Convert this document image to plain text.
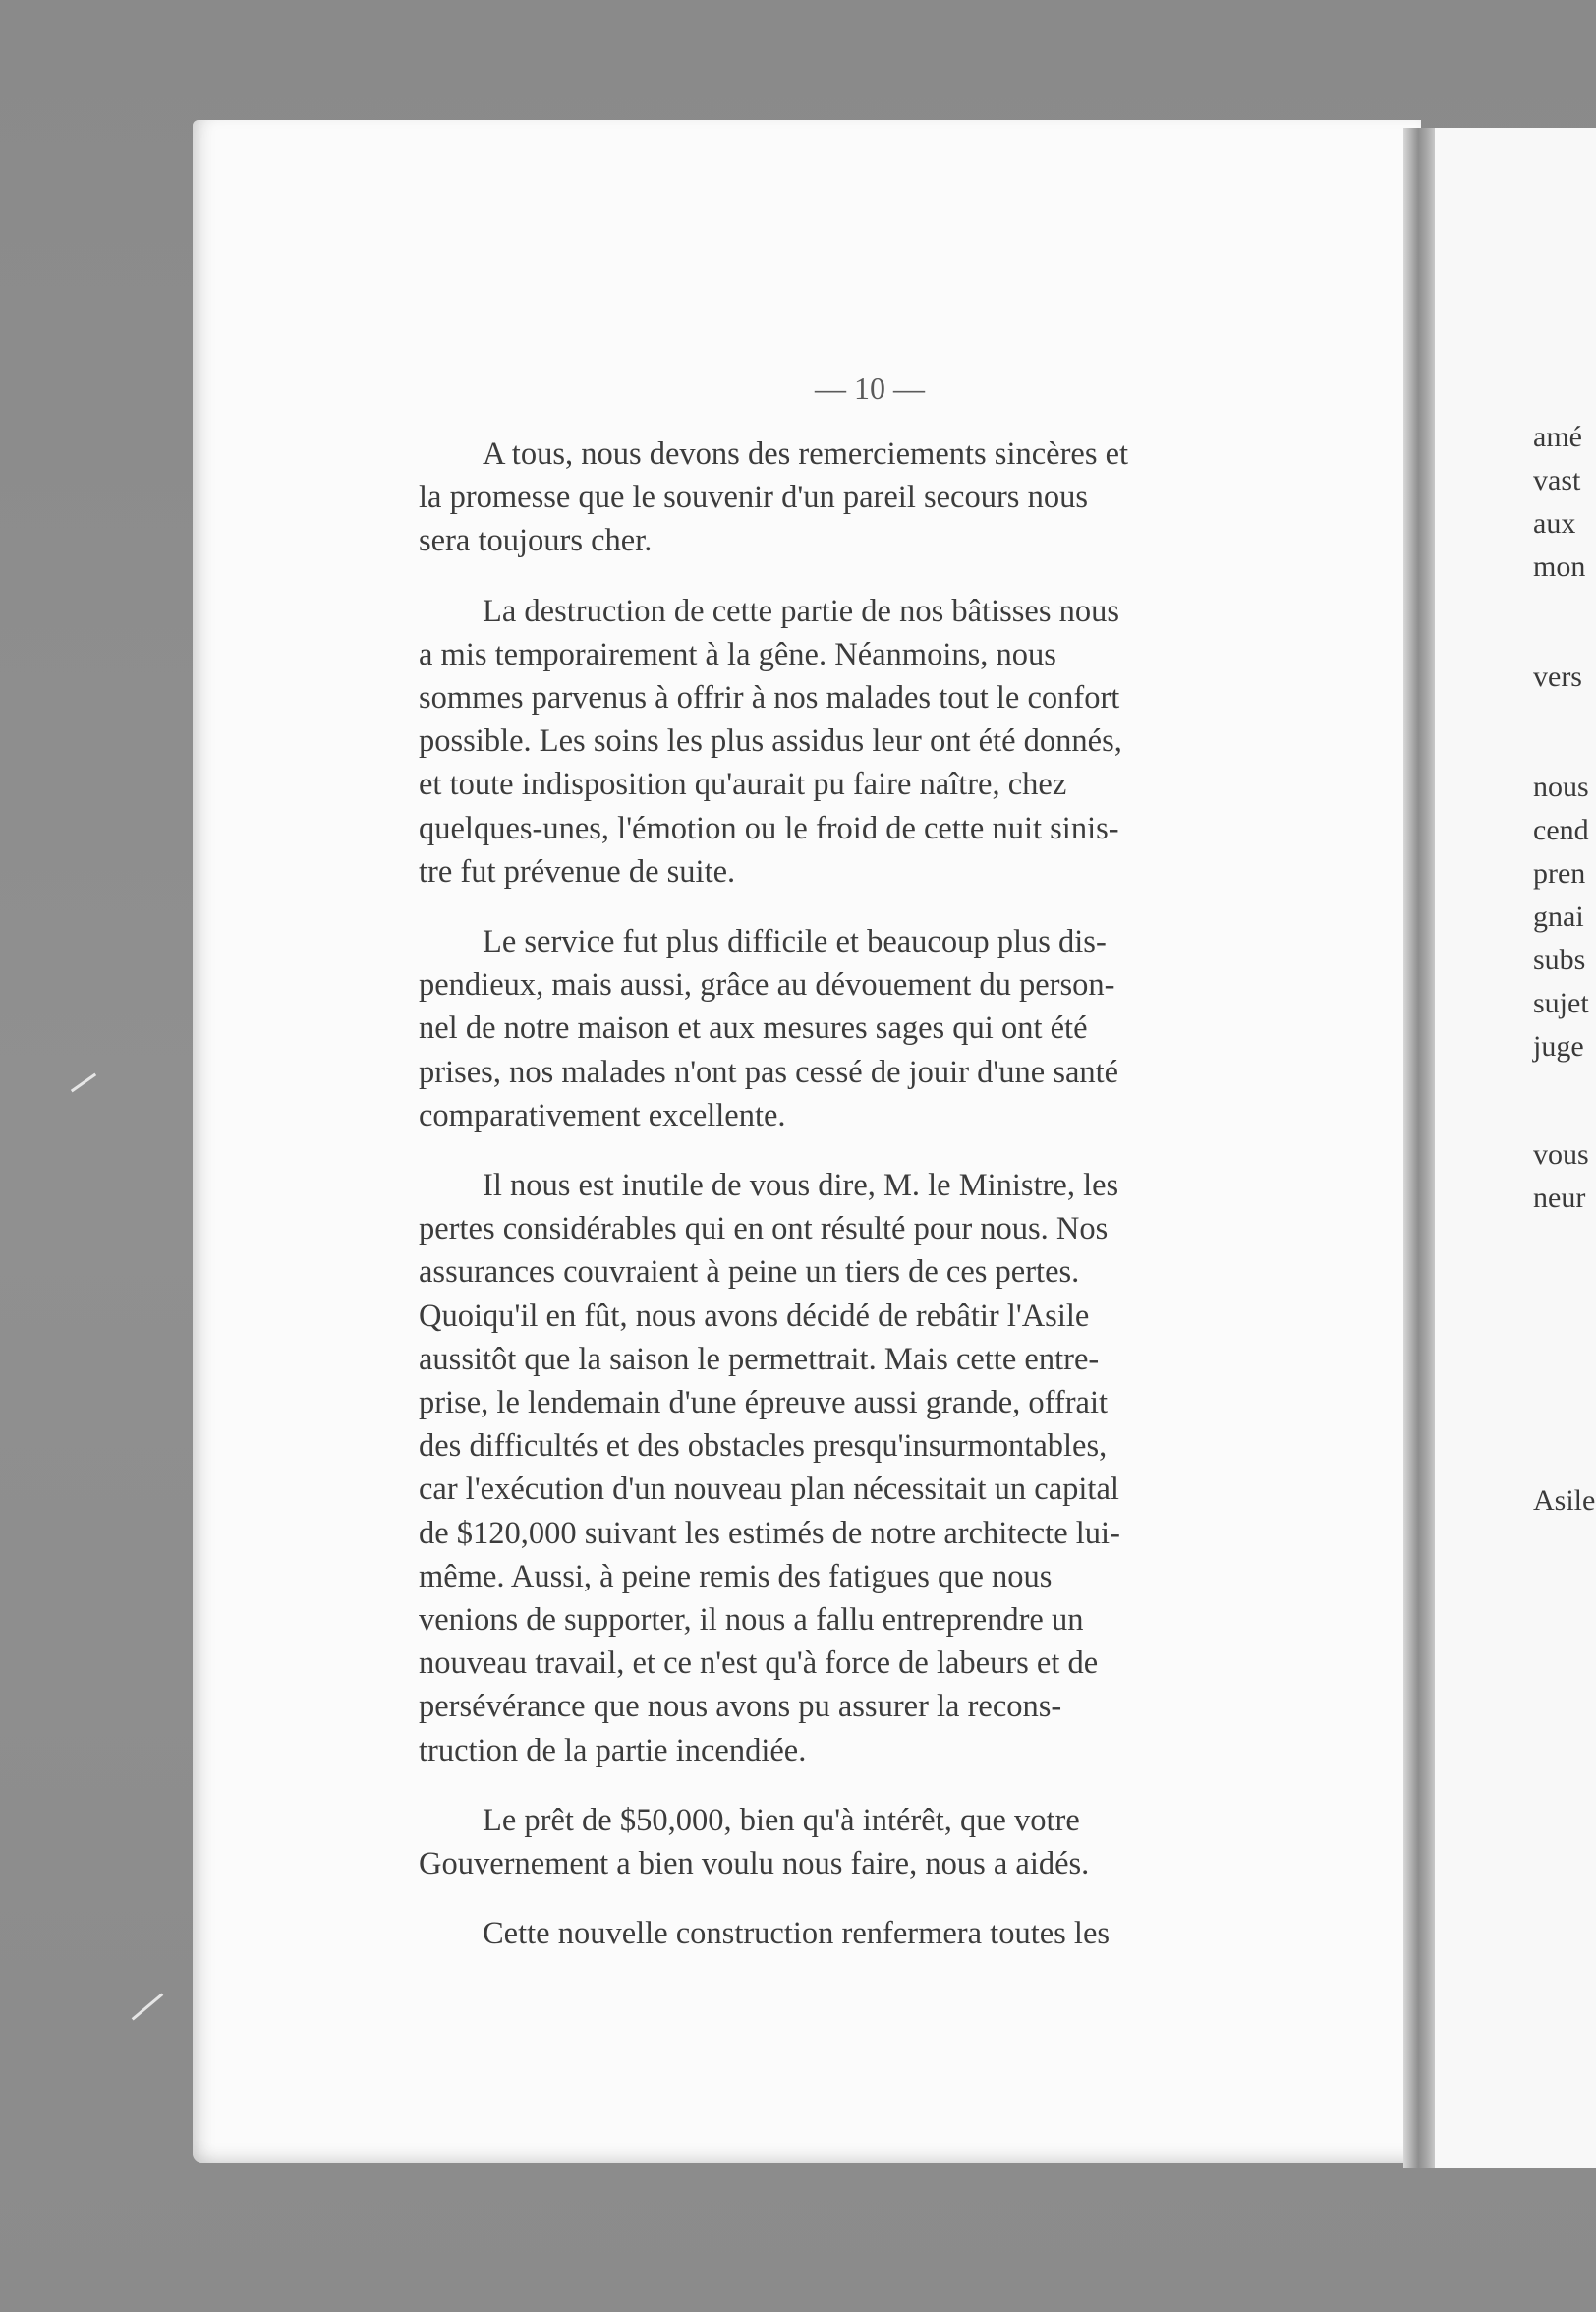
— 10 —

  A tous, nous devons des remerciements sincères et
la promesse que le souvenir d'un pareil secours nous
sera toujours cher.

  La destruction de cette partie de nos bâtisses nous
a mis temporairement à la gêne. Néanmoins, nous
sommes parvenus à offrir à nos malades tout le confort
possible. Les soins les plus assidus leur ont été donnés,
et toute indisposition qu'aurait pu faire naître, chez
quelques-unes, l'émotion ou le froid de cette nuit sinis-
tre fut prévenue de suite.

  Le service fut plus difficile et beaucoup plus dis-
pendieux, mais aussi, grâce au dévouement du person-
nel de notre maison et aux mesures sages qui ont été
prises, nos malades n'ont pas cessé de jouir d'une santé
comparativement excellente.

  Il nous est inutile de vous dire, M. le Ministre, les
pertes considérables qui en ont résulté pour nous. Nos
assurances couvraient à peine un tiers de ces pertes.
Quoiqu'il en fût, nous avons décidé de rebâtir l'Asile
aussitôt que la saison le permettrait. Mais cette entre-
prise, le lendemain d'une épreuve aussi grande, offrait
des difficultés et des obstacles presqu'insurmontables,
car l'exécution d'un nouveau plan nécessitait un capital
de $120,000 suivant les estimés de notre architecte lui-
même. Aussi, à peine remis des fatigues que nous
venions de supporter, il nous a fallu entreprendre un
nouveau travail, et ce n'est qu'à force de labeurs et de
persévérance que nous avons pu assurer la recons-
truction de la partie incendiée.

  Le prêt de $50,000, bien qu'à intérêt, que votre
Gouvernement a bien voulu nous faire, nous a aidés.

  Cette nouvelle construction renfermera toutes les

amé

vast

aux

mon

vers

nous

cend

pren

gnai

subs

sujet

juge

vous

neur

Asile
